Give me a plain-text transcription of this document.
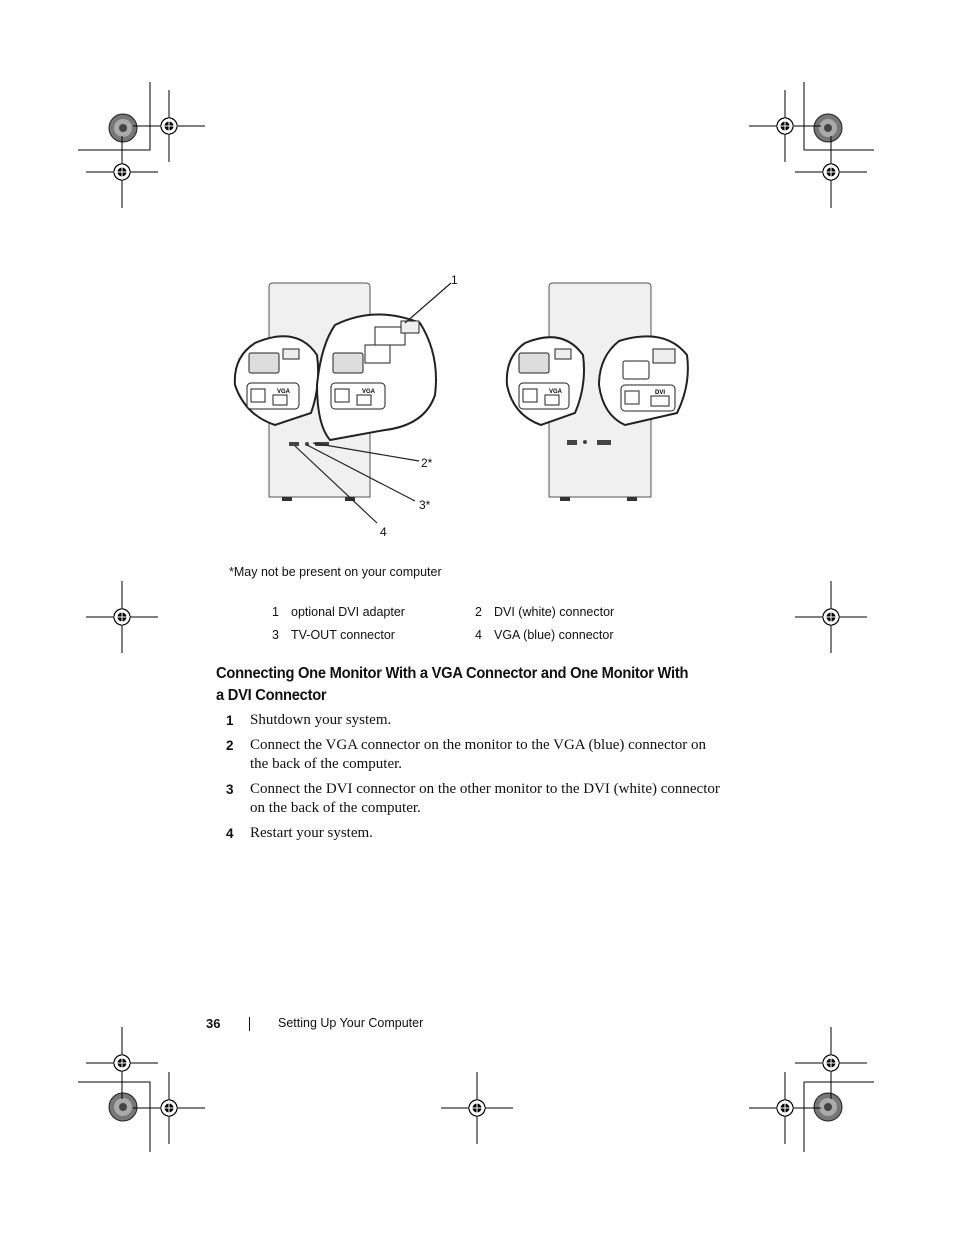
VGA	VGA	VGA	DVI
1
2*
3*
4
*May not be present on your computer
1 optional DVI adapter	2 DVI (white) connector
3 TV-OUT connector	4 VGA (blue) connector
Connecting One Monitor With a VGA Connector and One Monitor With a DVI Connector
1 Shutdown your system.
2 Connect the VGA connector on the monitor to the VGA (blue) connector on the back of the computer.
3 Connect the DVI connector on the other monitor to the DVI (white) connector on the back of the computer.
4 Restart your system.
36	Setting Up Your Computer
